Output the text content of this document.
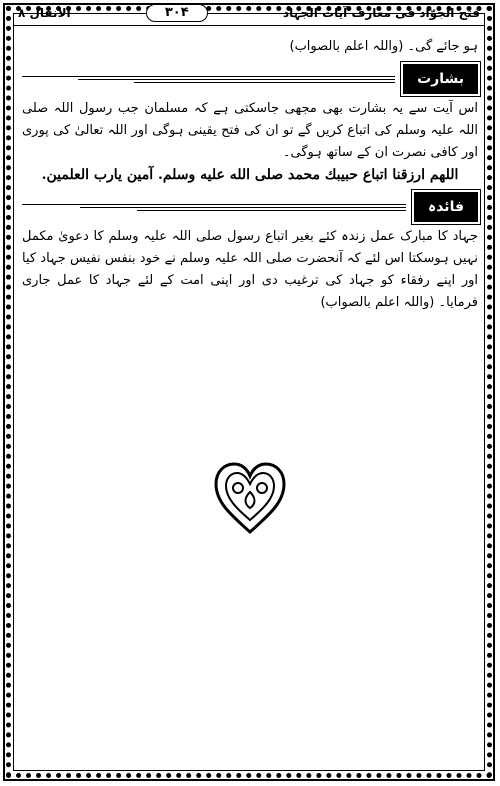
فتح الجوّاد فی معارف آیات الجہاد
۳۰۴
الانفال ۸

ہو جائے گی۔ (واللہ اعلم بالصواب)

بشارت

اس آیت سے یہ بشارت بھی مجھی جاسکتی ہے کہ مسلمان جب رسول اللہ صلی اللہ علیہ وسلم کی اتباع کریں گے تو ان کی فتح یقینی ہوگی اور اللہ تعالیٰ کی پوری اور کافی نصرت ان کے ساتھ ہوگی۔

اللهم ارزقنا اتباع حبيبك محمد صلى الله عليه وسلم. آمين يارب العلمين.

فائدہ

جہاد کا مبارک عمل زندہ کئے بغیر اتباع رسول صلی اللہ علیہ وسلم کا دعویٰ مکمل نہیں ہوسکتا اس لئے کہ آنحضرت صلی اللہ علیہ وسلم نے خود بنفس نفیس جہاد کیا اور اپنے رفقاء کو جہاد کی ترغیب دی اور اپنی امت کے لئے جہاد کا عمل جاری فرمایا۔ (واللہ اعلم بالصواب)
